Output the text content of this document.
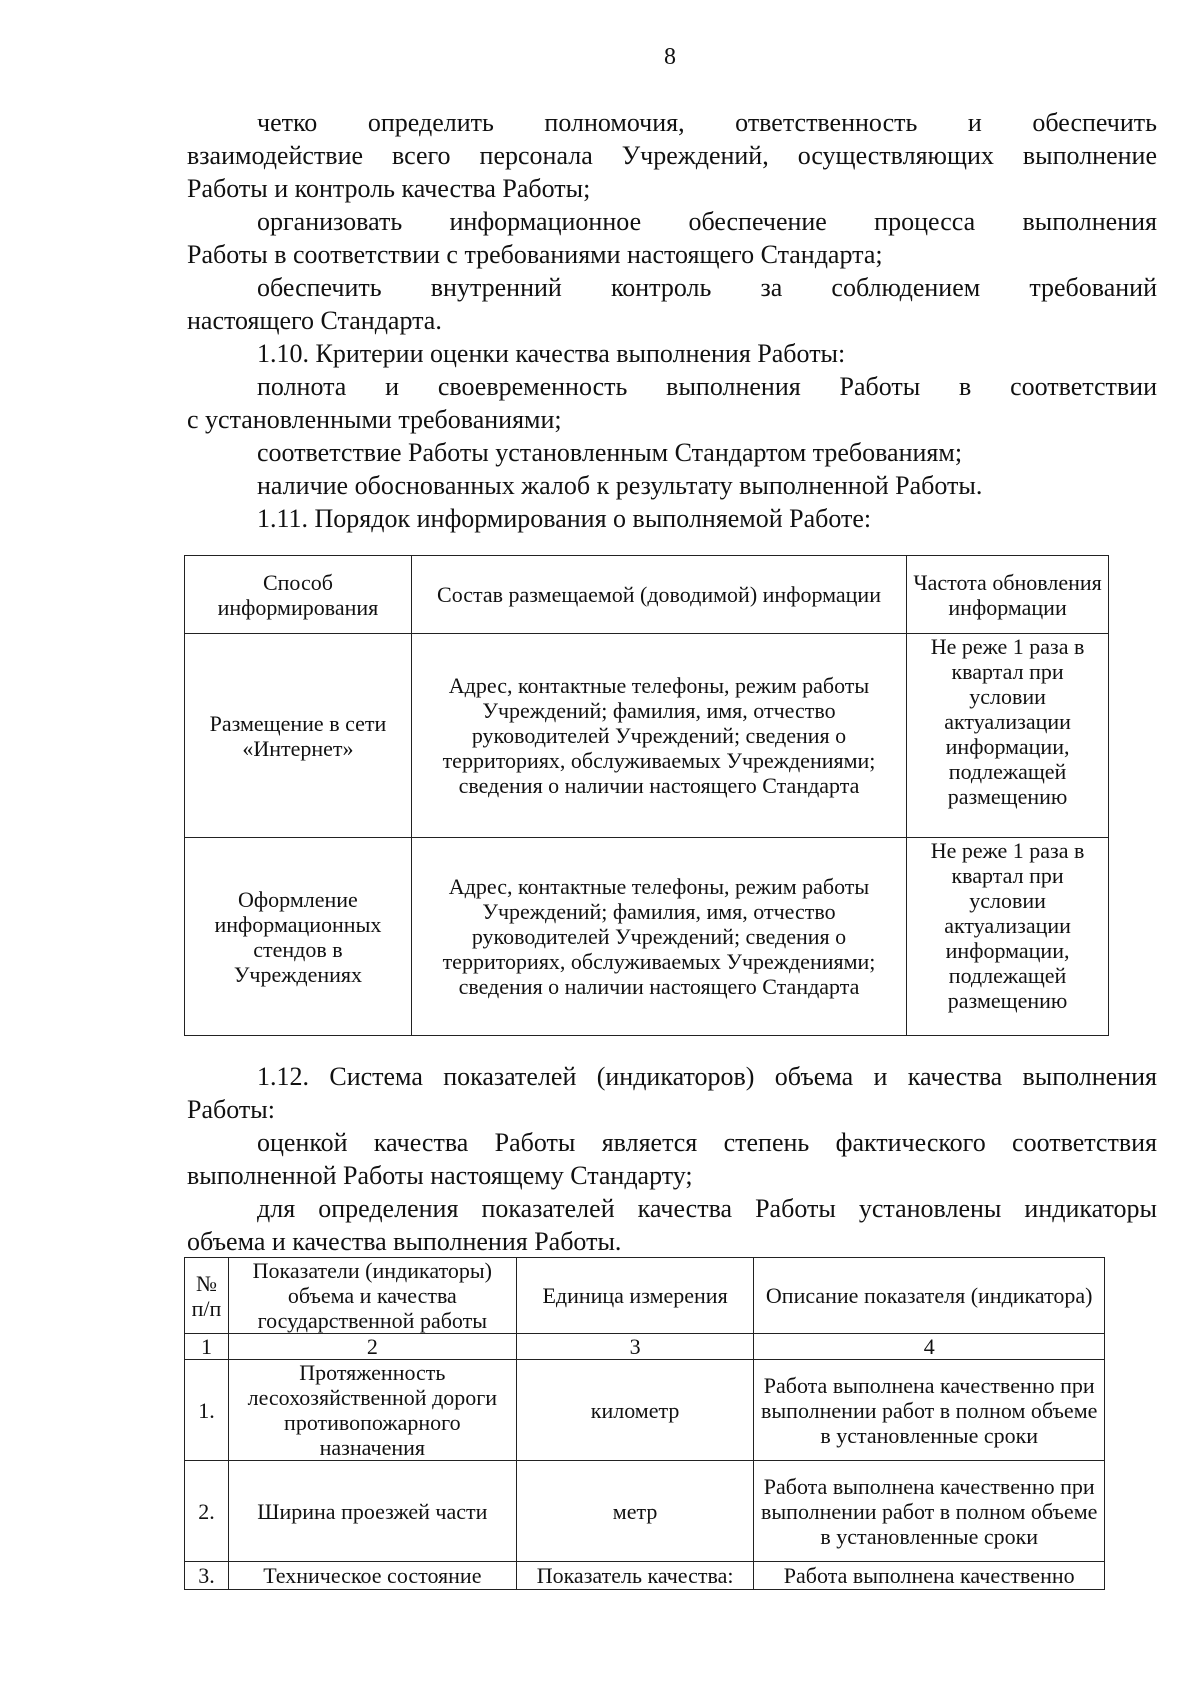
8

четко определить полномочия, ответственность и обеспечить

взаимодействие всего персонала Учреждений, осуществляющих выполнение

Работы и контроль качества Работы;

организовать информационное обеспечение процесса выполнения

Работы в соответствии с требованиями настоящего Стандарта;

обеспечить внутренний контроль за соблюдением требований

настоящего Стандарта.

1.10. Критерии оценки качества выполнения Работы:

полнота и своевременность выполнения Работы в соответствии

с установленными требованиями;

соответствие Работы установленным Стандартом требованиям;

наличие обоснованных жалоб к результату выполненной Работы.

1.11. Порядок информирования о выполняемой Работе:

Способ информирования	Состав размещаемой (доводимой) информации	Частота обновления информации
Размещение в сети «Интернет»	Адрес, контактные телефоны, режим работы Учреждений; фамилия, имя, отчество руководителей Учреждений; сведения о территориях, обслуживаемых Учреждениями; сведения о наличии настоящего Стандарта	Не реже 1 раза в квартал при условии актуализации информации, подлежащей размещению
Оформление информационных стендов в Учреждениях	Адрес, контактные телефоны, режим работы Учреждений; фамилия, имя, отчество руководителей Учреждений; сведения о территориях, обслуживаемых Учреждениями; сведения о наличии настоящего Стандарта	Не реже 1 раза в квартал при условии актуализации информации, подлежащей размещению

1.12. Система показателей (индикаторов) объема и качества выполнения

Работы:

оценкой качества Работы является степень фактического соответствия

выполненной Работы настоящему Стандарту;

для определения показателей качества Работы установлены индикаторы

объема и качества выполнения Работы.

№ п/п	Показатели (индикаторы) объема и качества государственной работы	Единица измерения	Описание показателя (индикатора)
1	2	3	4
1.	Протяженность лесохозяйственной дороги противопожарного назначения	километр	Работа выполнена качественно при выполнении работ в полном объеме в установленные сроки
2.	Ширина проезжей части	метр	Работа выполнена качественно при выполнении работ в полном объеме в установленные сроки
3.	Техническое состояние	Показатель качества:	Работа выполнена качественно
